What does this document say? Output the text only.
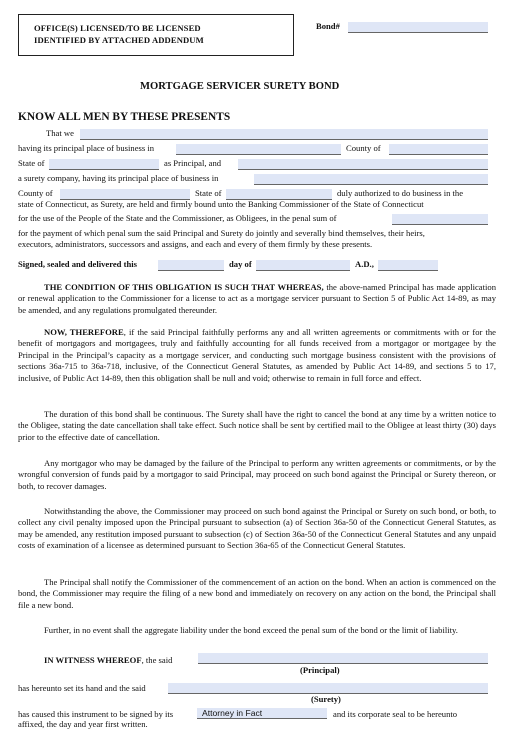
OFFICE(S) LICENSED/TO BE LICENSED
IDENTIFIED BY ATTACHED ADDENDUM
Bond#
MORTGAGE SERVICER SURETY BOND
KNOW ALL MEN BY THESE PRESENTS
That we
having its principal place of business in	County of
State of	as Principal, and
a surety company, having its principal place of business in
County of	State of	duly authorized to do business in the
state of Connecticut, as Surety, are held and firmly bound unto the Banking Commissioner of the State of Connecticut
for the use of the People of the State and the Commissioner, as Obligees, in the penal sum of
for the payment of which penal sum the said Principal and Surety do jointly and severally bind themselves, their heirs,
executors, administrators, successors and assigns, and each and every of them firmly by these presents.
Signed, sealed and delivered this	day of	A.D.,
THE CONDITION OF THIS OBLIGATION IS SUCH THAT WHEREAS, the above-named Principal has made application or renewal application to the Commissioner for a license to act as a mortgage servicer pursuant to Section 5 of Public Act 14-89, as may be amended, and any regulations promulgated thereunder.
NOW, THEREFORE, if the said Principal faithfully performs any and all written agreements or commitments with or for the benefit of mortgagors and mortgagees, truly and faithfully accounting for all funds received from a mortgagor or mortgagee by the Principal in the Principal’s capacity as a mortgage servicer, and conducting such mortgage business consistent with the provisions of sections 36a-715 to 36a-718, inclusive, of the Connecticut General Statutes, as amended by Public Act 14-89, and sections 5 to 17, inclusive, of Public Act 14-89, then this obligation shall be null and void; otherwise to remain in full force and effect.
The duration of this bond shall be continuous. The Surety shall have the right to cancel the bond at any time by a written notice to the Obligee, stating the date cancellation shall take effect. Such notice shall be sent by certified mail to the Obligee at least thirty (30) days prior to the effective date of cancellation.
Any mortgagor who may be damaged by the failure of the Principal to perform any written agreements or commitments, or by the wrongful conversion of funds paid by a mortgagor to said Principal, may proceed on such bond against the Principal or Surety thereon, or both, to recover damages.
Notwithstanding the above, the Commissioner may proceed on such bond against the Principal or Surety on such bond, or both, to collect any civil penalty imposed upon the Principal pursuant to subsection (a) of Section 36a-50 of the Connecticut General Statutes, as may be amended, any restitution imposed pursuant to subsection (c) of Section 36a-50 of the Connecticut General Statutes and any unpaid costs of examination of a licensee as determined pursuant to Section 36a-65 of the Connecticut General Statutes.
The Principal shall notify the Commissioner of the commencement of an action on the bond. When an action is commenced on the bond, the Commissioner may require the filing of a new bond and immediately on recovery on any action on the bond, the Principal shall file a new bond.
Further, in no event shall the aggregate liability under the bond exceed the penal sum of the bond or the limit of liability.
IN WITNESS WHEREOF, the said
(Principal)
has hereunto set its hand and the said
(Surety)
has caused this instrument to be signed by its	Attorney in Fact	and its corporate seal to be hereunto
affixed, the day and year first written.
